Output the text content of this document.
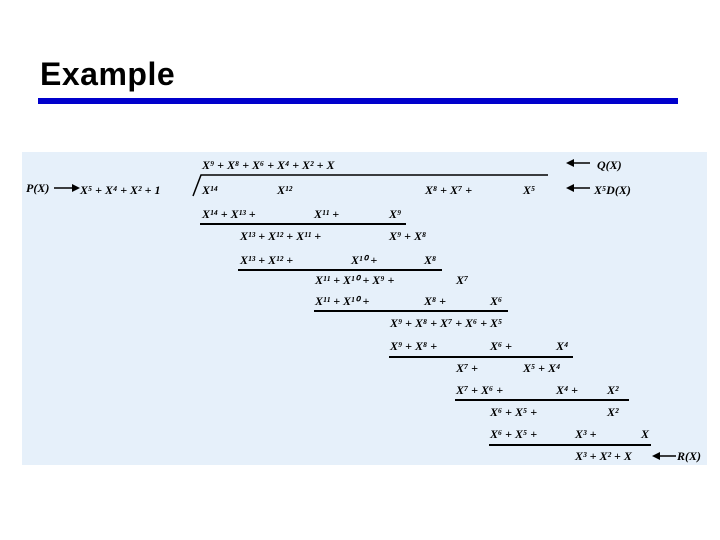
Example
P(X)
Q(X)
X⁵D(X)
R(X)
X⁵ + X⁴ + X² + 1
X⁹ + X⁸ + X⁶ + X⁴ + X² + X
X¹⁴	X¹²	X⁸ + X⁷ +	X⁵
X¹⁴ + X¹³ +	X¹¹ +	X⁹
X¹³ + X¹² + X¹¹ +	X⁹ + X⁸
X¹³ + X¹² +	X¹⁰ +	X⁸
X¹¹ + X¹⁰ + X⁹ +	X⁷
X¹¹ + X¹⁰ +	X⁸ +	X⁶
X⁹ + X⁸ + X⁷ + X⁶ + X⁵
X⁹ + X⁸ +	X⁶ +	X⁴
X⁷ +	X⁵ + X⁴
X⁷ + X⁶ +	X⁴ + X²
X⁶ + X⁵ +	X²
X⁶ + X⁵ +	X³ +	X
X³ + X² + X
